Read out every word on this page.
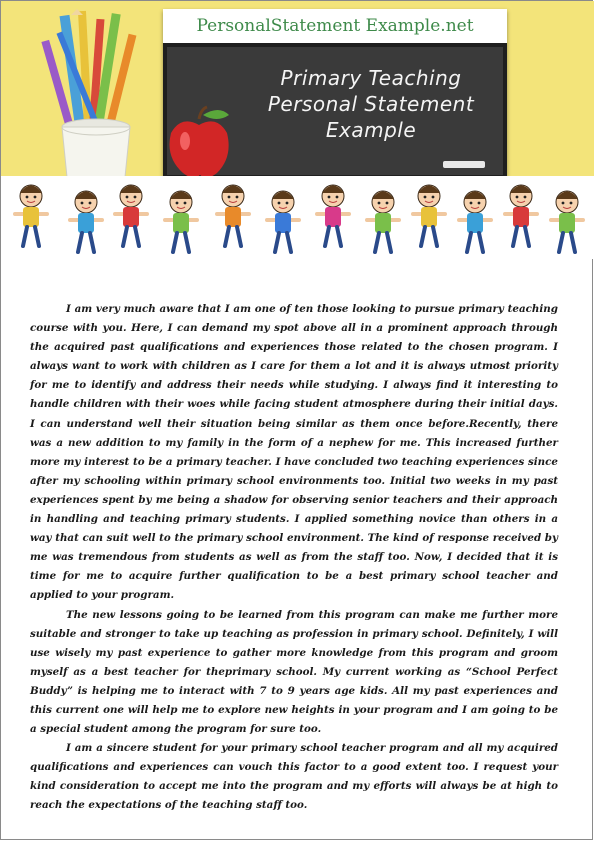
PersonalStatement Example.net
Primary Teaching
Personal Statement
Example

I am very much aware that I am one of ten those looking to pursue primary teaching course with you. Here, I can demand my spot above all in a prominent approach through the acquired past qualifications and experiences those related to the chosen program. I always want to work with children as I care for them a lot and it is always utmost priority for me to identify and address their needs while studying. I always find it interesting to handle children with their woes while facing student atmosphere during their initial days. I can understand well their situation being similar as them once before.Recently, there was a new addition to my family in the form of a nephew for me. This increased further more my interest to be a primary teacher. I have concluded two teaching experiences since after my schooling within primary school environments too. Initial two weeks in my past experiences spent by me being a shadow for observing senior teachers and their approach in handling and teaching primary students. I applied something novice than others in a way that can suit well to the primary school environment. The kind of response received by me was tremendous from students as well as from the staff too. Now, I decided that it is time for me to acquire further qualification to be a best primary school teacher and applied to your program.

The new lessons going to be learned from this program can make me further more suitable and stronger to take up teaching as profession in primary school. Definitely, I will use wisely my past experience to gather more knowledge from this program and groom myself as a best teacher for theprimary school. My current working as “School Perfect Buddy” is helping me to interact with 7 to 9 years age kids. All my past experiences and this current one will help me to explore new heights in your program and I am going to be a special student among the program for sure too.

I am a sincere student for your primary school teacher program and all my acquired qualifications and experiences can vouch this factor to a good extent too. I request your kind consideration to accept me into the program and my efforts will always be at high to reach the expectations of the teaching staff too.
